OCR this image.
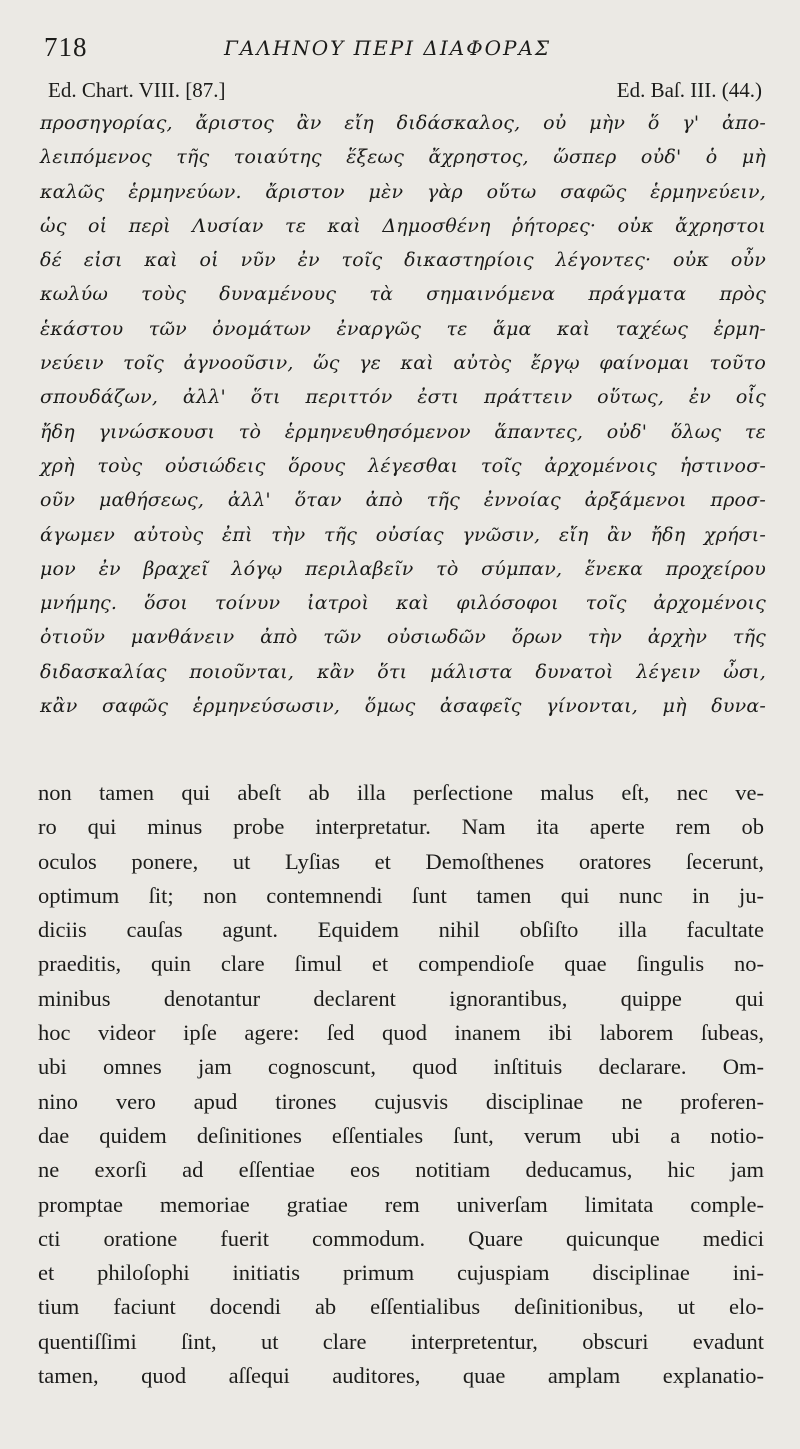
718	ΓΑΛΗΝΟΥ ΠΕΡΙ ΔΙΑΦΟΡΑΣ
Ed. Chart. VIII. [87.]	Ed. Baſ. III. (44.)
προσηγορίας, ἄριστος ἂν εἴη διδάσκαλος, οὐ μὴν ὅ γ' ἀπο-
λειπόμενος τῆς τοιαύτης ἕξεως ἄχρηστος, ὥσπερ οὐδ' ὁ μὴ
καλῶς ἑρμηνεύων. ἄριστον μὲν γὰρ οὕτω σαφῶς ἑρμηνεύειν,
ὡς οἱ περὶ Λυσίαν τε καὶ Δημοσθένη ῥήτορες· οὐκ ἄχρηστοι
δέ εἰσι καὶ οἱ νῦν ἐν τοῖς δικαστηρίοις λέγοντες· οὐκ οὖν
κωλύω τοὺς δυναμένους τὰ σημαινόμενα πράγματα πρὸς
ἑκάστου τῶν ὀνομάτων ἐναργῶς τε ἅμα καὶ ταχέως ἑρμη-
νεύειν τοῖς ἀγνοοῦσιν, ὥς γε καὶ αὐτὸς ἔργῳ φαίνομαι τοῦτο
σπουδάζων, ἀλλ' ὅτι περιττόν ἐστι πράττειν οὕτως, ἐν οἷς
ἤδη γινώσκουσι τὸ ἑρμηνευθησόμενον ἅπαντες, οὐδ' ὅλως τε
χρὴ τοὺς οὐσιώδεις ὅρους λέγεσθαι τοῖς ἀρχομένοις ἡστινοσ-
οῦν μαθήσεως, ἀλλ' ὅταν ἀπὸ τῆς ἐννοίας ἀρξάμενοι προσ-
άγωμεν αὐτοὺς ἐπὶ τὴν τῆς οὐσίας γνῶσιν, εἴη ἂν ἤδη χρήσι-
μον ἐν βραχεῖ λόγῳ περιλαβεῖν τὸ σύμπαν, ἕνεκα προχείρου
μνήμης. ὅσοι τοίνυν ἰατροὶ καὶ φιλόσοφοι τοῖς ἀρχομένοις
ὁτιοῦν μανθάνειν ἀπὸ τῶν οὐσιωδῶν ὅρων τὴν ἀρχὴν τῆς
διδασκαλίας ποιοῦνται, κἂν ὅτι μάλιστα δυνατοὶ λέγειν ὦσι,
κἂν σαφῶς ἑρμηνεύσωσιν, ὅμως ἀσαφεῖς γίνονται, μὴ δυνα-
non tamen qui abeſt ab illa perſectione malus eſt, nec ve-
ro qui minus probe interpretatur. Nam ita aperte rem ob
oculos ponere, ut Lyſias et Demoſthenes oratores ſecerunt,
optimum ſit; non contemnendi ſunt tamen qui nunc in ju-
diciis cauſas agunt. Equidem nihil obſiſto illa facultate
praeditis, quin clare ſimul et compendioſe quae ſingulis no-
minibus denotantur declarent ignorantibus, quippe qui
hoc videor ipſe agere: ſed quod inanem ibi laborem ſubeas,
ubi omnes jam cognoscunt, quod inſtituis declarare. Om-
nino vero apud tirones cujusvis disciplinae ne proferen-
dae quidem deſinitiones eſſentiales ſunt, verum ubi a notio-
ne exorſi ad eſſentiae eos notitiam deducamus, hic jam
promptae memoriae gratiae rem univerſam limitata comple-
cti oratione fuerit commodum. Quare quicunque medici
et philoſophi initiatis primum cujuspiam disciplinae ini-
tium faciunt docendi ab eſſentialibus deſinitionibus, ut elo-
quentiſſimi ſint, ut clare interpretentur, obscuri evadunt
tamen, quod aſſequi auditores, quae amplam explanatio-
